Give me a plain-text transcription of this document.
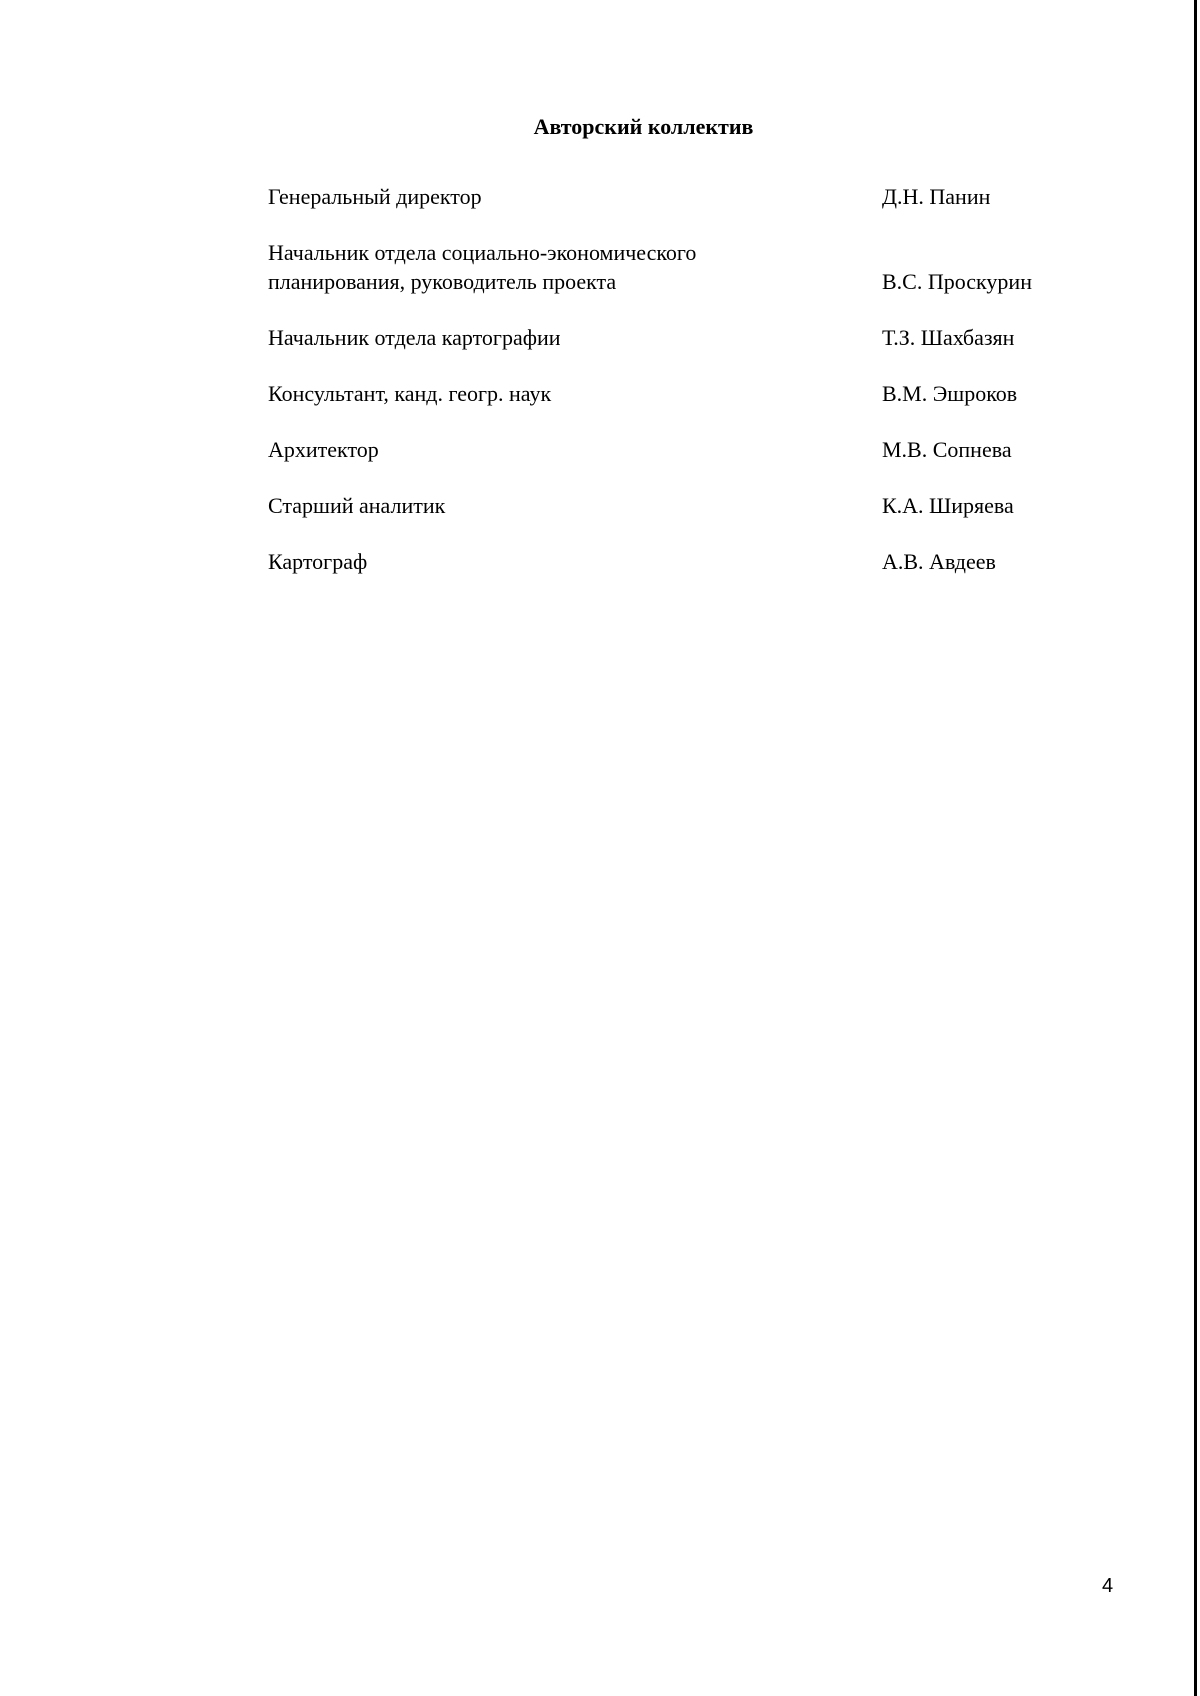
Авторский коллектив
Генеральный директор	Д.Н. Панин
Начальник отдела социально-экономического
планирования, руководитель проекта	В.С. Проскурин
Начальник отдела картографии	Т.З. Шахбазян
Консультант, канд. геогр. наук	В.М. Эшроков
Архитектор	М.В. Сопнева
Старший аналитик	К.А. Ширяева
Картограф	А.В. Авдеев
4
